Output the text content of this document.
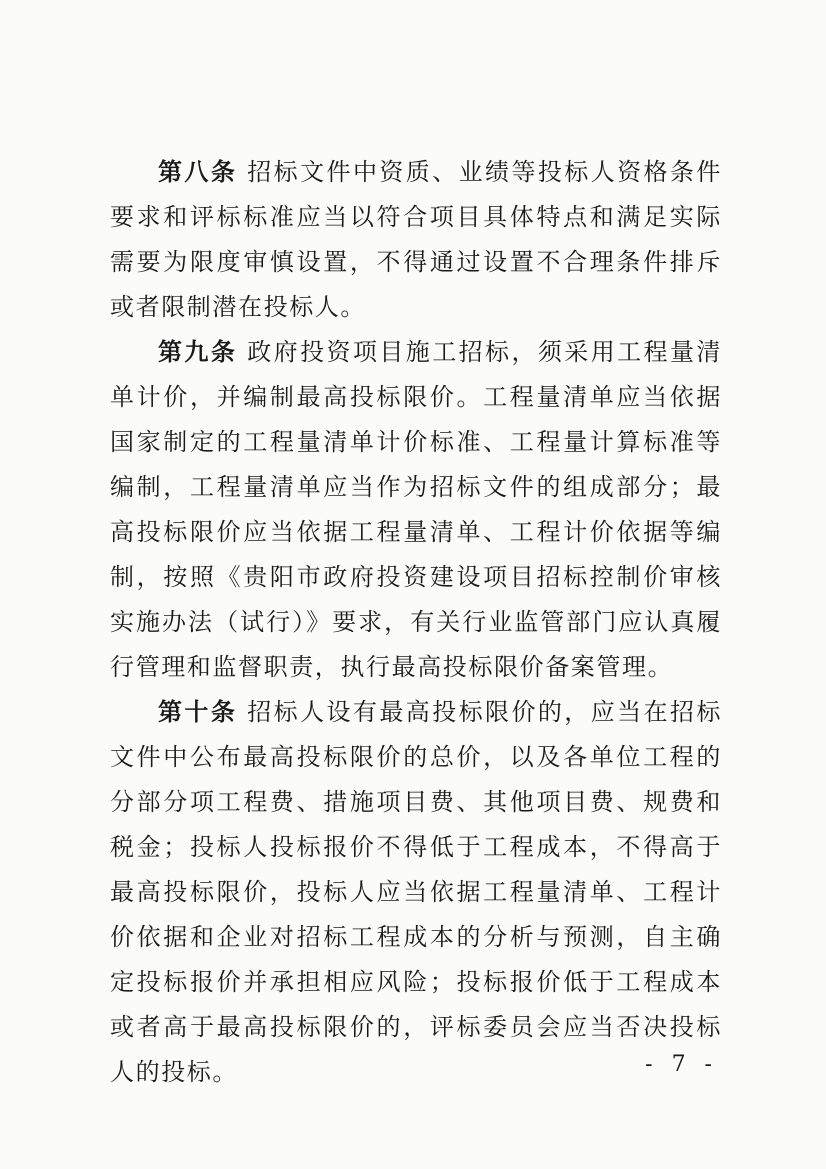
第八条 招标文件中资质、业绩等投标人资格条件要求和评标标准应当以符合项目具体特点和满足实际需要为限度审慎设置，不得通过设置不合理条件排斥或者限制潜在投标人。

第九条 政府投资项目施工招标，须采用工程量清单计价，并编制最高投标限价。工程量清单应当依据国家制定的工程量清单计价标准、工程量计算标准等编制，工程量清单应当作为招标文件的组成部分；最高投标限价应当依据工程量清单、工程计价依据等编制，按照《贵阳市政府投资建设项目招标控制价审核实施办法（试行）》要求，有关行业监管部门应认真履行管理和监督职责，执行最高投标限价备案管理。

第十条 招标人设有最高投标限价的，应当在招标文件中公布最高投标限价的总价，以及各单位工程的分部分项工程费、措施项目费、其他项目费、规费和税金；投标人投标报价不得低于工程成本，不得高于最高投标限价，投标人应当依据工程量清单、工程计价依据和企业对招标工程成本的分析与预测，自主确定投标报价并承担相应风险；投标报价低于工程成本或者高于最高投标限价的，评标委员会应当否决投标人的投标。	- 7 -
